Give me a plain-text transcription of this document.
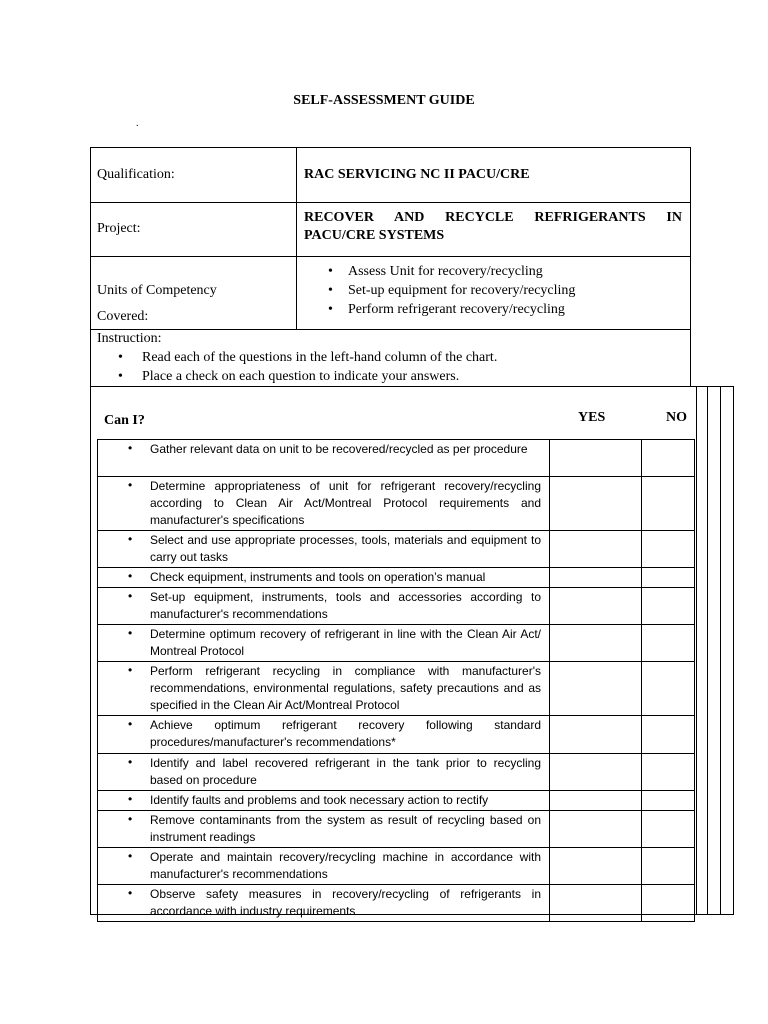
SELF-ASSESSMENT GUIDE
.
Qualification:	RAC SERVICING NC II PACU/CRE
Project:
RECOVER AND RECYCLE REFRIGERANTS IN
PACU/CRE SYSTEMS
Units of Competency
Covered:
• Assess Unit for recovery/recycling
• Set-up equipment for recovery/recycling
• Perform refrigerant recovery/recycling
Instruction:
• Read each of the questions in the left-hand column of the chart.
• Place a check on each question to indicate your answers.
Can I?	YES	NO
• Gather relevant data on unit to be recovered/recycled as per procedure		

• Determine appropriateness of unit for refrigerant recovery/recycling according to Clean Air Act/Montreal Protocol requirements and manufacturer's specifications		

• Select and use appropriate processes, tools, materials and equipment to carry out tasks		

• Check equipment, instruments and tools on operation’s manual		

• Set-up equipment, instruments, tools and accessories according to manufacturer's recommendations		

• Determine optimum recovery of refrigerant in line with the Clean Air Act/ Montreal Protocol		

• Perform refrigerant recycling in compliance with manufacturer's recommendations, environmental regulations, safety precautions and as specified in the Clean Air Act/Montreal Protocol		

• Achieve optimum refrigerant recovery following standard procedures/manufacturer's recommendations*		

• Identify and label recovered refrigerant in the tank prior to recycling based on procedure		

• Identify faults and problems and took necessary action to rectify		

• Remove contaminants from the system as result of recycling based on instrument readings		

• Operate and maintain recovery/recycling machine in accordance with manufacturer's recommendations		

• Observe safety measures in recovery/recycling of refrigerants in accordance with industry requirements		
